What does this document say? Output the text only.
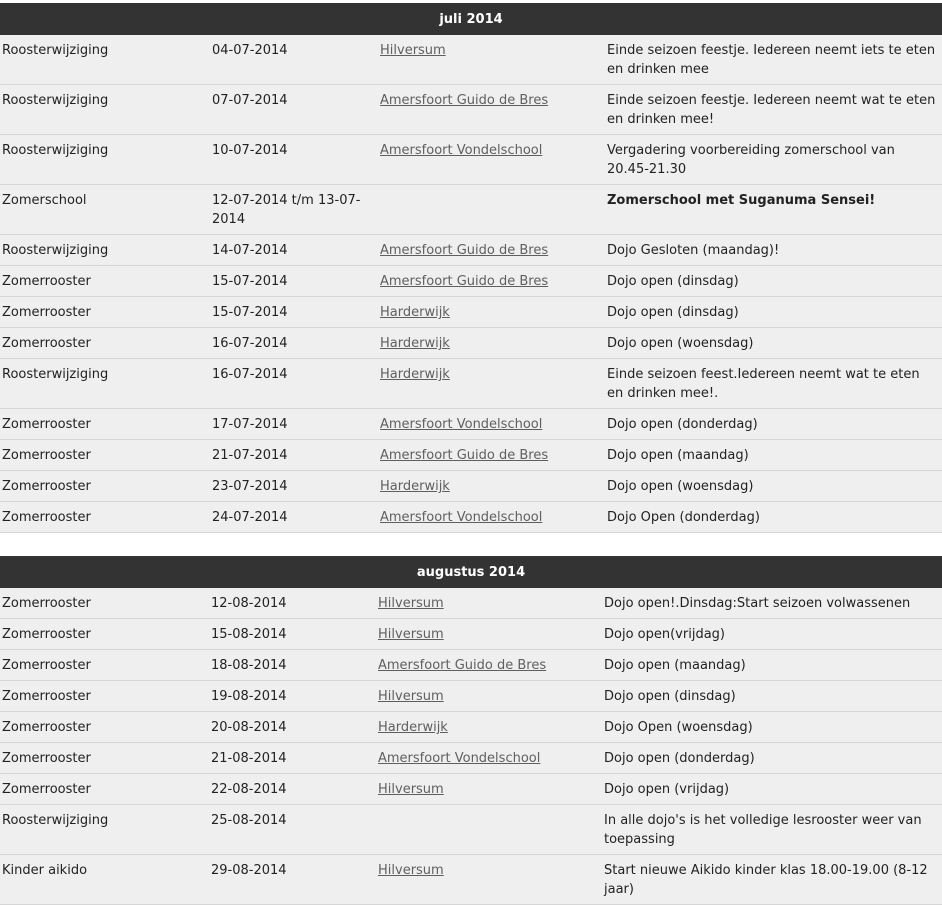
juli 2014			
Roosterwijziging	04-07-2014	Hilversum	Einde seizoen feestje. Iedereen neemt iets te eten en drinken mee
Roosterwijziging	07-07-2014	Amersfoort Guido de Bres	Einde seizoen feestje. Iedereen neemt wat te eten en drinken mee!
Roosterwijziging	10-07-2014	Amersfoort Vondelschool	Vergadering voorbereiding zomerschool van 20.45-21.30
Zomerschool	12-07-2014 t/m 13-07-2014		Zomerschool met Suganuma Sensei!
Roosterwijziging	14-07-2014	Amersfoort Guido de Bres	Dojo Gesloten (maandag)!
Zomerrooster	15-07-2014	Amersfoort Guido de Bres	Dojo open (dinsdag)
Zomerrooster	15-07-2014	Harderwijk	Dojo open (dinsdag)
Zomerrooster	16-07-2014	Harderwijk	Dojo open (woensdag)
Roosterwijziging	16-07-2014	Harderwijk	Einde seizoen feest.Iedereen neemt wat te eten en drinken mee!.
Zomerrooster	17-07-2014	Amersfoort Vondelschool	Dojo open (donderdag)
Zomerrooster	21-07-2014	Amersfoort Guido de Bres	Dojo open (maandag)
Zomerrooster	23-07-2014	Harderwijk	Dojo open (woensdag)
Zomerrooster	24-07-2014	Amersfoort Vondelschool	Dojo Open (donderdag)
augustus 2014			
Zomerrooster	12-08-2014	Hilversum	Dojo open!.Dinsdag:Start seizoen volwassenen
Zomerrooster	15-08-2014	Hilversum	Dojo open(vrijdag)
Zomerrooster	18-08-2014	Amersfoort Guido de Bres	Dojo open (maandag)
Zomerrooster	19-08-2014	Hilversum	Dojo open (dinsdag)
Zomerrooster	20-08-2014	Harderwijk	Dojo Open (woensdag)
Zomerrooster	21-08-2014	Amersfoort Vondelschool	Dojo open (donderdag)
Zomerrooster	22-08-2014	Hilversum	Dojo open (vrijdag)
Roosterwijziging	25-08-2014		In alle dojo's is het volledige lesrooster weer van toepassing
Kinder aikido	29-08-2014	Hilversum	Start nieuwe Aikido kinder klas 18.00-19.00 (8-12 jaar)
